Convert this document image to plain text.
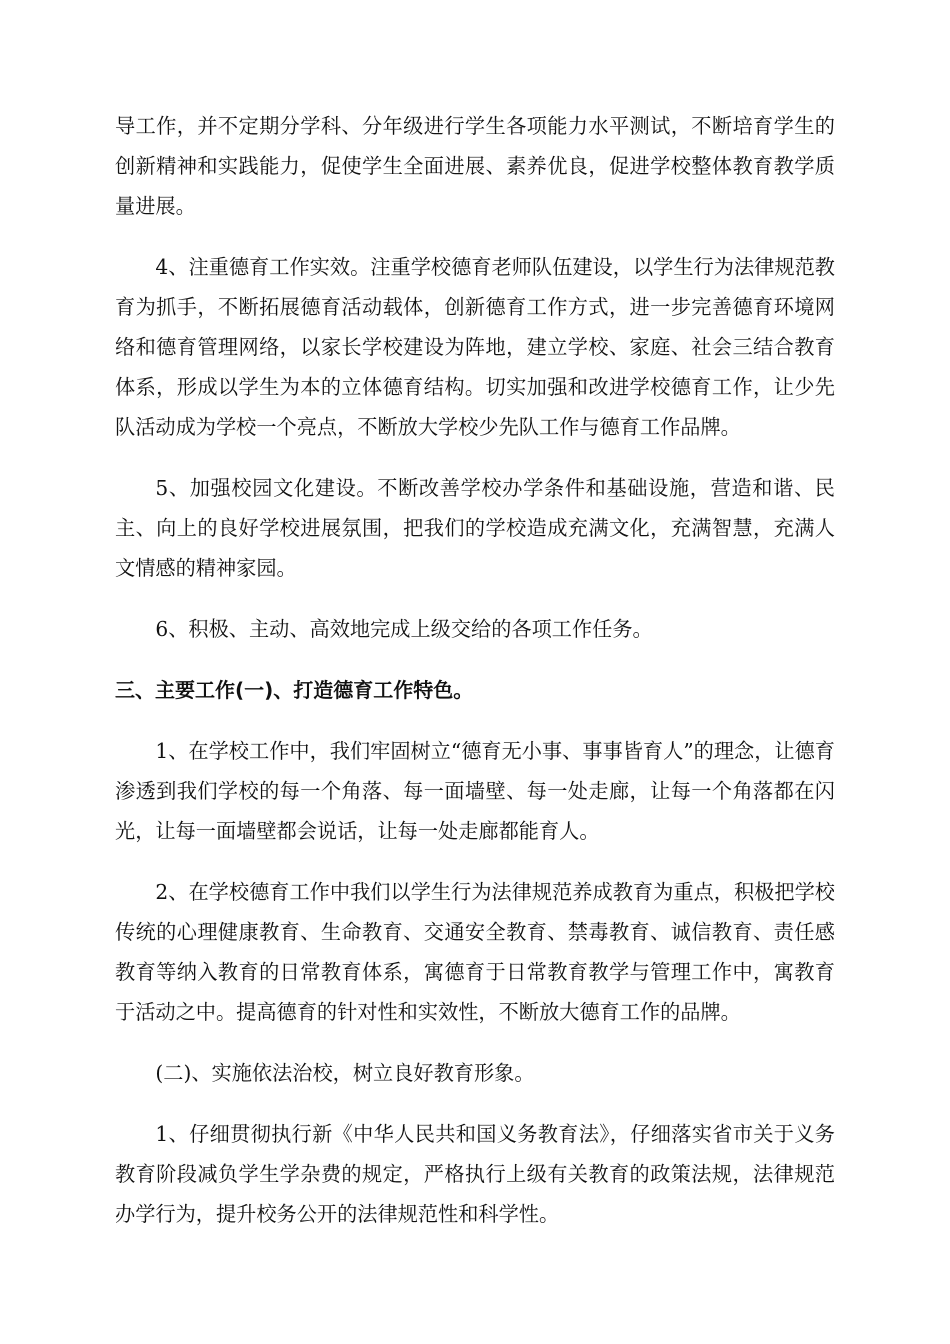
导工作，并不定期分学科、分年级进行学生各项能力水平测试，不断培育学生的创新精神和实践能力，促使学生全面进展、素养优良，促进学校整体教育教学质量进展。

4、注重德育工作实效。注重学校德育老师队伍建设，以学生行为法律规范教育为抓手，不断拓展德育活动载体，创新德育工作方式，进一步完善德育环境网络和德育管理网络，以家长学校建设为阵地，建立学校、家庭、社会三结合教育体系，形成以学生为本的立体德育结构。切实加强和改进学校德育工作，让少先队活动成为学校一个亮点，不断放大学校少先队工作与德育工作品牌。

5、加强校园文化建设。不断改善学校办学条件和基础设施，营造和谐、民主、向上的良好学校进展氛围，把我们的学校造成充满文化，充满智慧，充满人文情感的精神家园。

6、积极、主动、高效地完成上级交给的各项工作任务。

三、主要工作(一)、打造德育工作特色。

1、在学校工作中，我们牢固树立“德育无小事、事事皆育人”的理念，让德育渗透到我们学校的每一个角落、每一面墙壁、每一处走廊，让每一个角落都在闪光，让每一面墙壁都会说话，让每一处走廊都能育人。

2、在学校德育工作中我们以学生行为法律规范养成教育为重点，积极把学校传统的心理健康教育、生命教育、交通安全教育、禁毒教育、诚信教育、责任感教育等纳入教育的日常教育体系，寓德育于日常教育教学与管理工作中，寓教育于活动之中。提高德育的针对性和实效性，不断放大德育工作的品牌。

(二)、实施依法治校，树立良好教育形象。

1、仔细贯彻执行新《中华人民共和国义务教育法》，仔细落实省市关于义务教育阶段减负学生学杂费的规定，严格执行上级有关教育的政策法规，法律规范办学行为，提升校务公开的法律规范性和科学性。
